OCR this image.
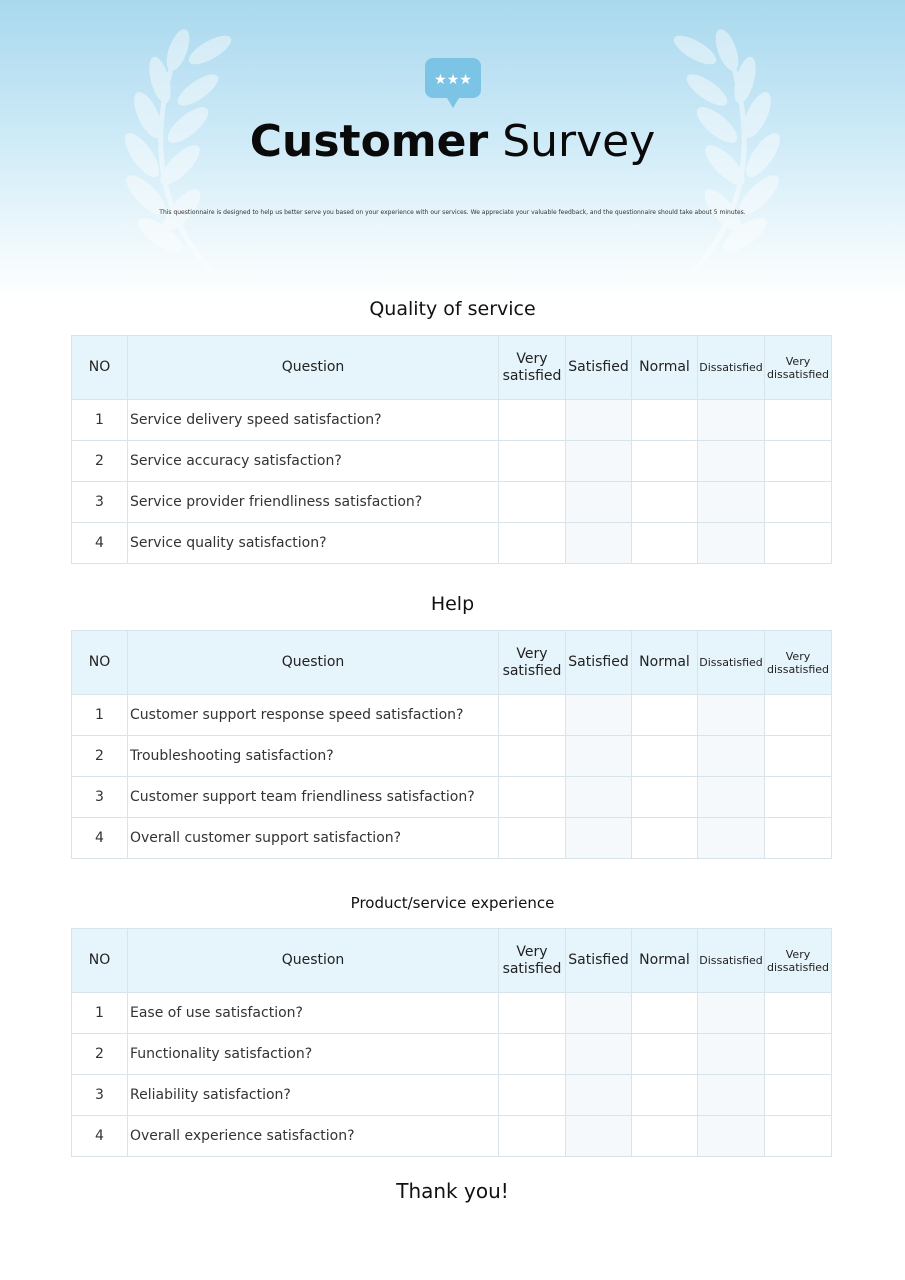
★★★
Customer Survey
This questionnaire is designed to help us better serve you based on your experience with our services. We appreciate your valuable feedback, and the questionnaire should take about 5 minutes.
Quality of service
NO	Question	Very satisfied	Satisfied	Normal	Dissatisfied	Very dissatisfied
1	Service delivery speed satisfaction?					
2	Service accuracy satisfaction?					
3	Service provider friendliness satisfaction?					
4	Service quality satisfaction?					
Help
NO	Question	Very satisfied	Satisfied	Normal	Dissatisfied	Very dissatisfied
1	Customer support response speed satisfaction?					
2	Troubleshooting satisfaction?					
3	Customer support team friendliness satisfaction?					
4	Overall customer support satisfaction?					
Product/service experience
NO	Question	Very satisfied	Satisfied	Normal	Dissatisfied	Very dissatisfied
1	Ease of use satisfaction?					
2	Functionality satisfaction?					
3	Reliability satisfaction?					
4	Overall experience satisfaction?					
Thank you!
